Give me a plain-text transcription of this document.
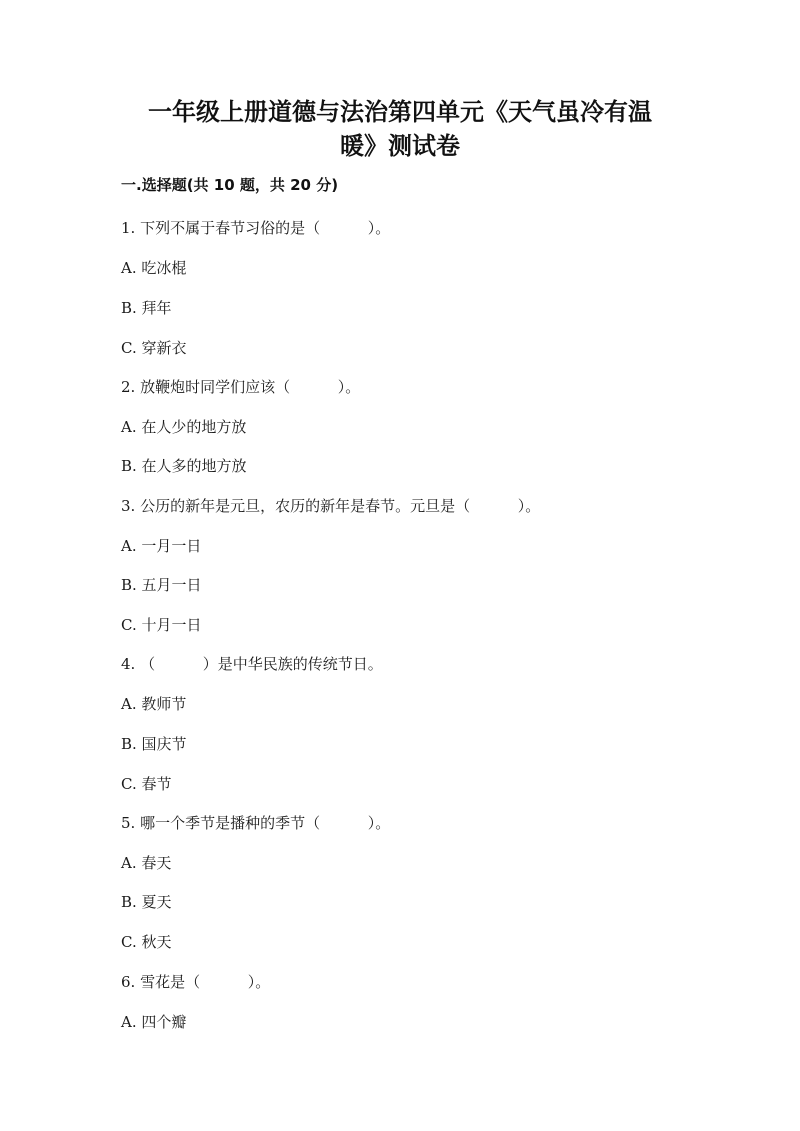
一年级上册道德与法治第四单元《天气虽冷有温
暖》测试卷
一.选择题(共 10 题，共 20 分)
1. 下列不属于春节习俗的是（          ）。
A. 吃冰棍
B. 拜年
C. 穿新衣
2. 放鞭炮时同学们应该（          ）。
A. 在人少的地方放
B. 在人多的地方放
3. 公历的新年是元旦，农历的新年是春节。元旦是（          ）。
A. 一月一日
B. 五月一日
C. 十月一日
4. （          ）是中华民族的传统节日。
A. 教师节
B. 国庆节
C. 春节
5. 哪一个季节是播种的季节（          ）。
A. 春天
B. 夏天
C. 秋天
6. 雪花是（          ）。
A. 四个瓣
